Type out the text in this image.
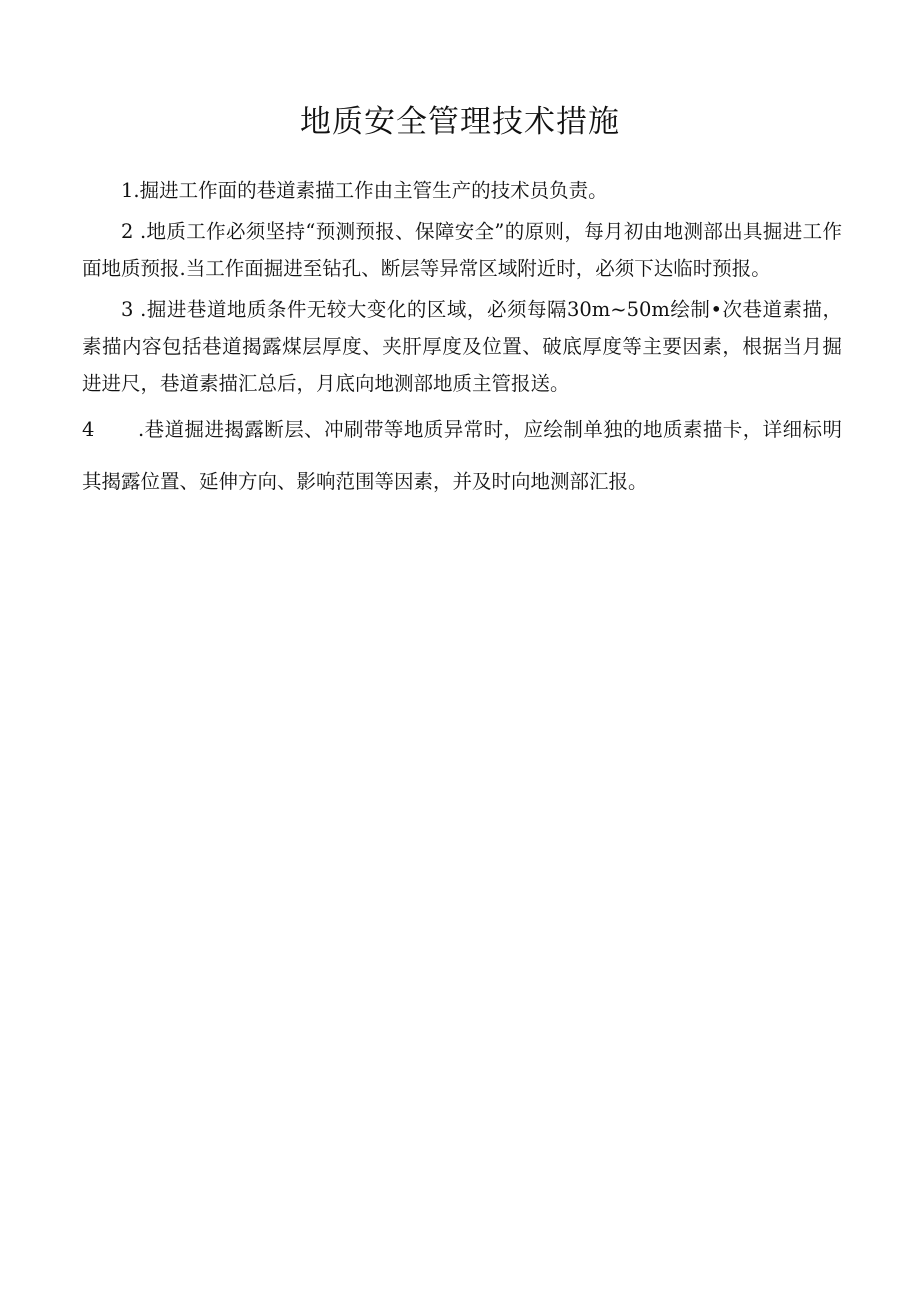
地质安全管理技术措施

1.掘进工作面的巷道素描工作由主管生产的技术员负责。

2 .地质工作必须坚持“预测预报、保障安全”的原则，每月初由地测部出具掘进工作面地质预报.当工作面掘进至钻孔、断层等异常区域附近时，必须下达临时预报。

3 .掘进巷道地质条件无较大变化的区域，必须每隔30m~50m绘制•次巷道素描，素描内容包括巷道揭露煤层厚度、夹肝厚度及位置、破底厚度等主要因素，根据当月掘进进尺，巷道素描汇总后，月底向地测部地质主管报送。

4 .巷道掘进揭露断层、冲刷带等地质异常时，应绘制单独的地质素描卡，详细标明其揭露位置、延伸方向、影响范围等因素，并及时向地测部汇报。
